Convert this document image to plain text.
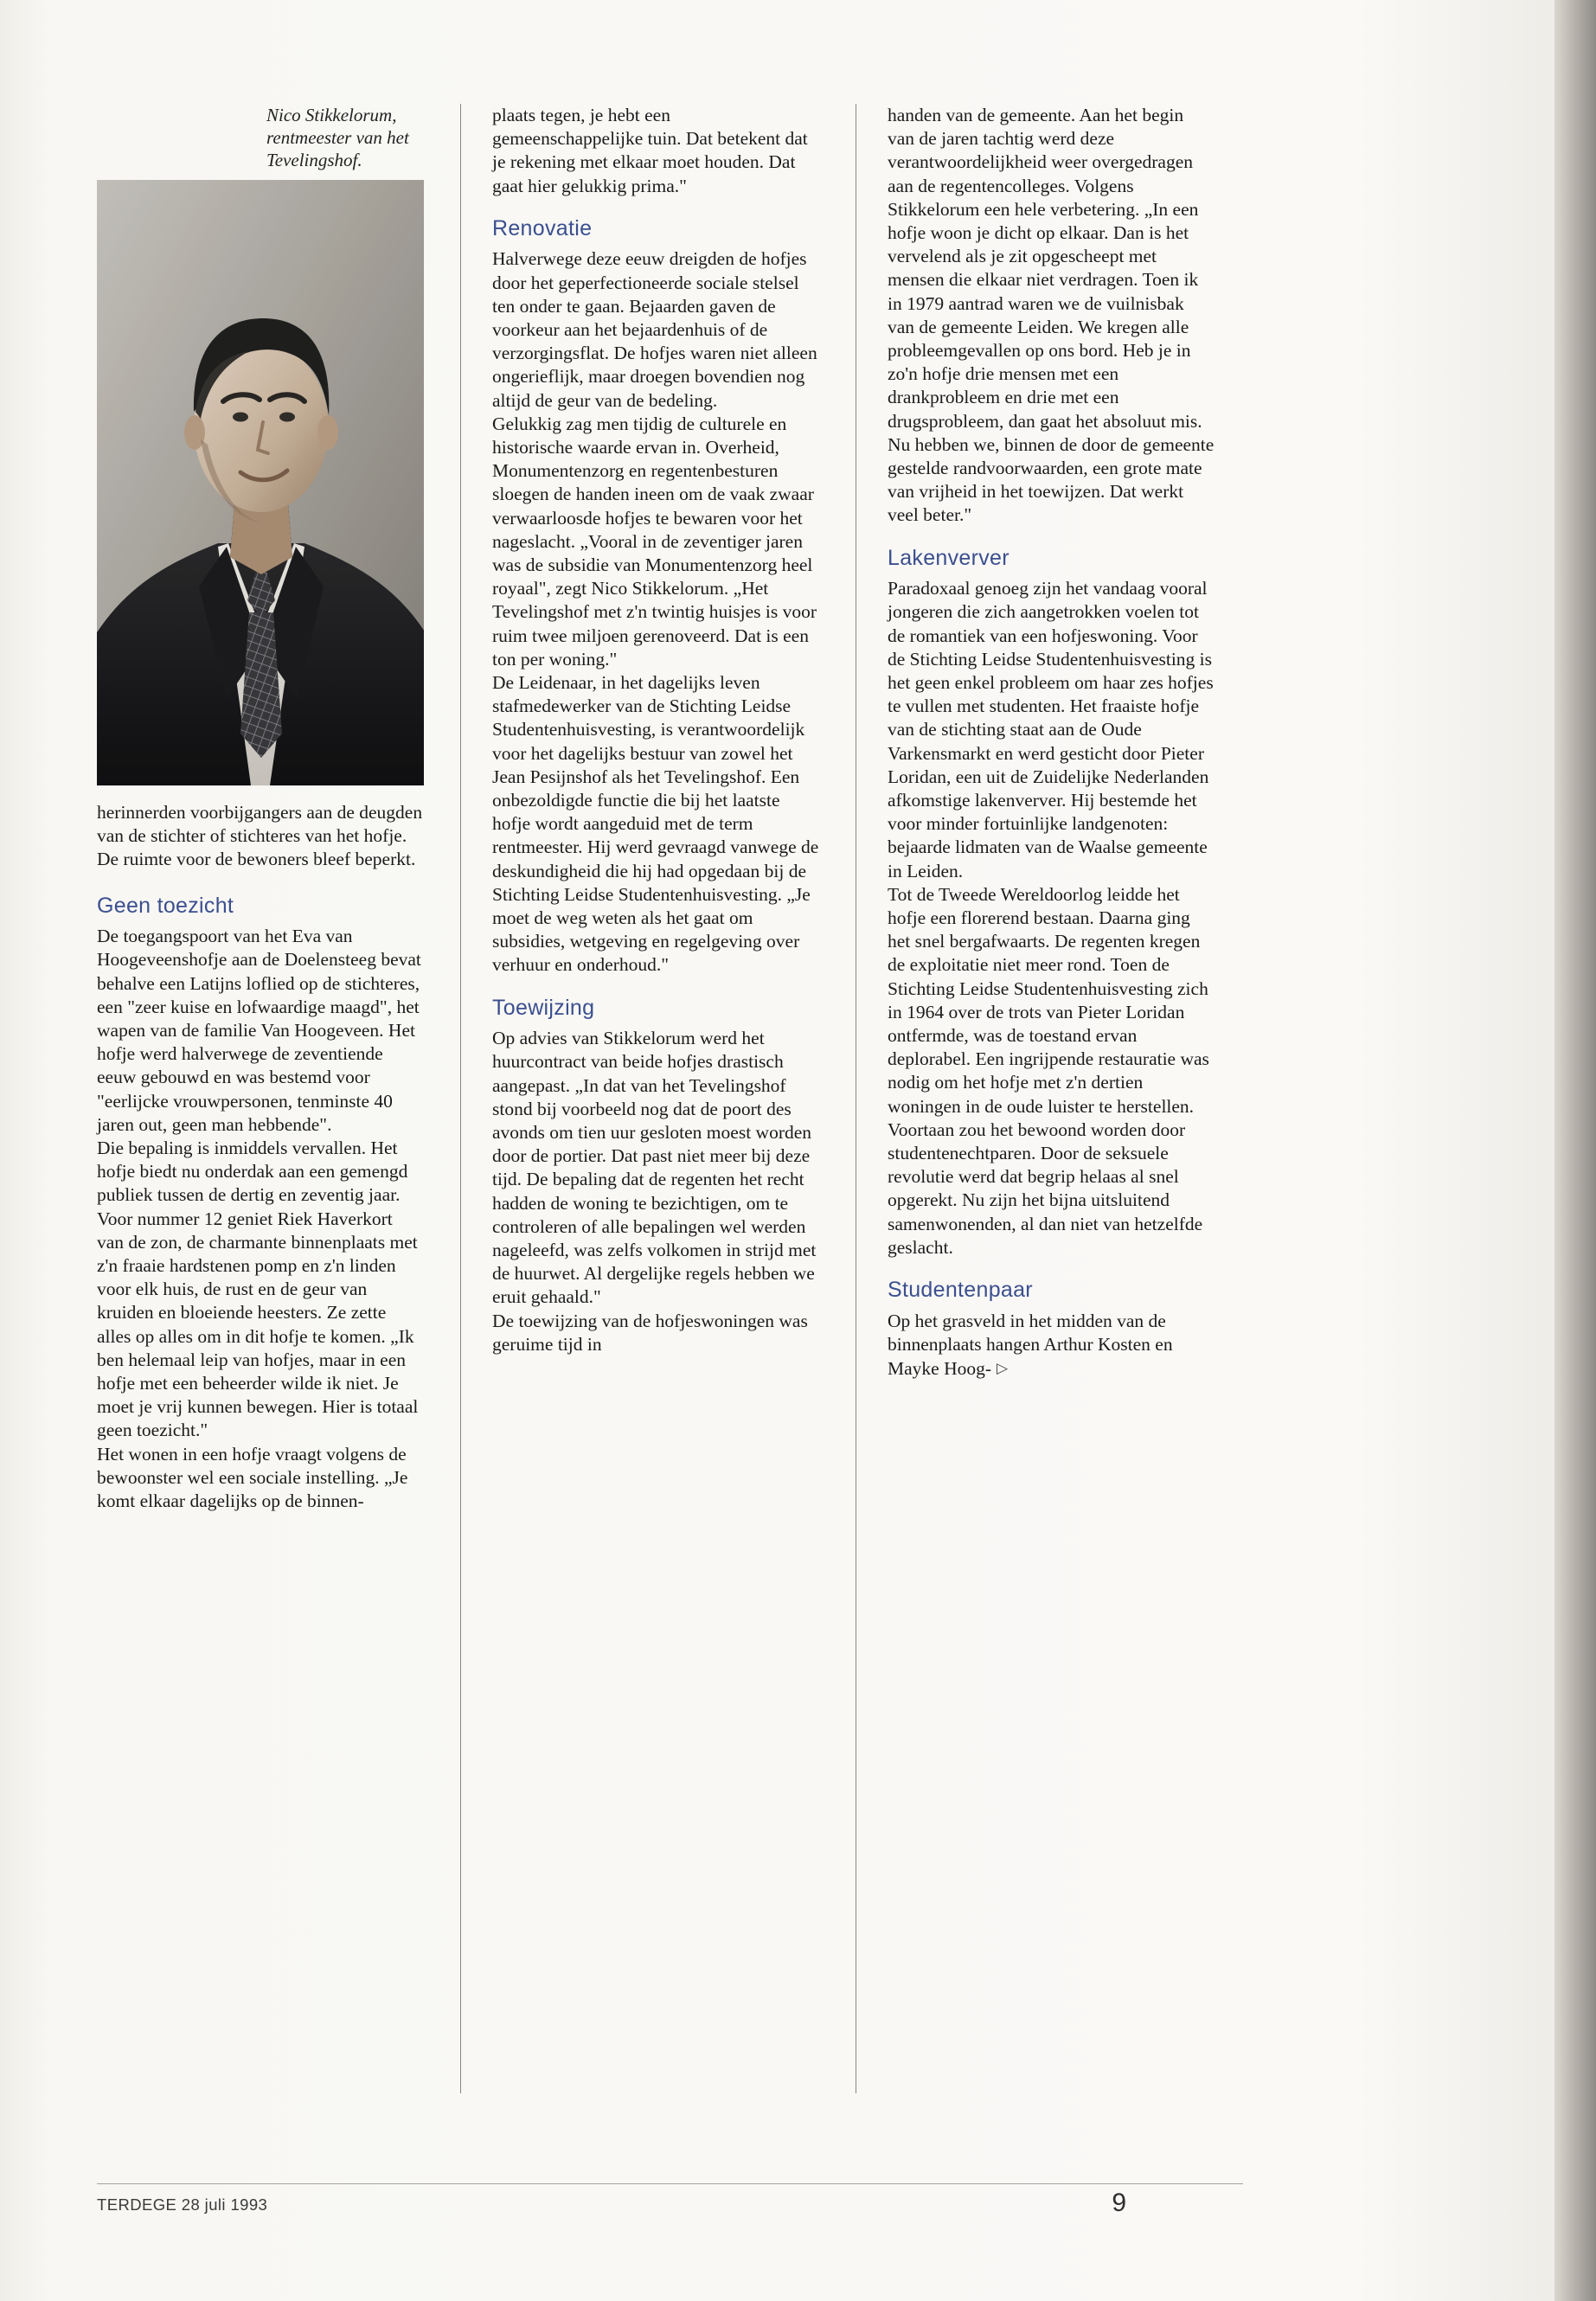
Nico Stikkelorum, rentmeester van het Tevelingshof.

herinnerden voorbijgangers aan de deugden van de stichter of stichteres van het hofje. De ruimte voor de bewoners bleef beperkt.

Geen toezicht

De toegangspoort van het Eva van Hoogeveenshofje aan de Doelensteeg bevat behalve een Latijns loflied op de stichteres, een "zeer kuise en lofwaardige maagd", het wapen van de familie Van Hoogeveen. Het hofje werd halverwege de zeventiende eeuw gebouwd en was bestemd voor "eerlijcke vrouwpersonen, tenminste 40 jaren out, geen man hebbende".

Die bepaling is inmiddels vervallen. Het hofje biedt nu onderdak aan een gemengd publiek tussen de dertig en zeventig jaar. Voor nummer 12 geniet Riek Haverkort van de zon, de charmante binnenplaats met z'n fraaie hardstenen pomp en z'n linden voor elk huis, de rust en de geur van kruiden en bloeiende heesters. Ze zette alles op alles om in dit hofje te komen. „Ik ben helemaal leip van hofjes, maar in een hofje met een beheerder wilde ik niet. Je moet je vrij kunnen bewegen. Hier is totaal geen toezicht."

Het wonen in een hofje vraagt volgens de bewoonster wel een sociale instelling. „Je komt elkaar dagelijks op de binnen-

plaats tegen, je hebt een gemeenschappelijke tuin. Dat betekent dat je rekening met elkaar moet houden. Dat gaat hier gelukkig prima."

Renovatie

Halverwege deze eeuw dreigden de hofjes door het geperfectioneerde sociale stelsel ten onder te gaan. Bejaarden gaven de voorkeur aan het bejaardenhuis of de verzorgingsflat. De hofjes waren niet alleen ongerieflijk, maar droegen bovendien nog altijd de geur van de bedeling.

Gelukkig zag men tijdig de culturele en historische waarde ervan in. Overheid, Monumentenzorg en regentenbesturen sloegen de handen ineen om de vaak zwaar verwaarloosde hofjes te bewaren voor het nageslacht. „Vooral in de zeventiger jaren was de subsidie van Monumentenzorg heel royaal", zegt Nico Stikkelorum. „Het Tevelingshof met z'n twintig huisjes is voor ruim twee miljoen gerenoveerd. Dat is een ton per woning."

De Leidenaar, in het dagelijks leven stafmedewerker van de Stichting Leidse Studentenhuisvesting, is verantwoordelijk voor het dagelijks bestuur van zowel het Jean Pesijnshof als het Tevelingshof. Een onbezoldigde functie die bij het laatste hofje wordt aangeduid met de term rentmeester. Hij werd gevraagd vanwege de deskundigheid die hij had opgedaan bij de Stichting Leidse Studentenhuisvesting. „Je moet de weg weten als het gaat om subsidies, wetgeving en regelgeving over verhuur en onderhoud."

Toewijzing

Op advies van Stikkelorum werd het huurcontract van beide hofjes drastisch aangepast. „In dat van het Tevelingshof stond bij voorbeeld nog dat de poort des avonds om tien uur gesloten moest worden door de portier. Dat past niet meer bij deze tijd. De bepaling dat de regenten het recht hadden de woning te bezichtigen, om te controleren of alle bepalingen wel werden nageleefd, was zelfs volkomen in strijd met de huurwet. Al dergelijke regels hebben we eruit gehaald."

De toewijzing van de hofjeswoningen was geruime tijd in

handen van de gemeente. Aan het begin van de jaren tachtig werd deze verantwoordelijkheid weer overgedragen aan de regentencolleges. Volgens Stikkelorum een hele verbetering. „In een hofje woon je dicht op elkaar. Dan is het vervelend als je zit opgescheept met mensen die elkaar niet verdragen. Toen ik in 1979 aantrad waren we de vuilnisbak van de gemeente Leiden. We kregen alle probleemgevallen op ons bord. Heb je in zo'n hofje drie mensen met een drankprobleem en drie met een drugsprobleem, dan gaat het absoluut mis. Nu hebben we, binnen de door de gemeente gestelde randvoorwaarden, een grote mate van vrijheid in het toewijzen. Dat werkt veel beter."

Lakenverver

Paradoxaal genoeg zijn het vandaag vooral jongeren die zich aangetrokken voelen tot de romantiek van een hofjeswoning. Voor de Stichting Leidse Studentenhuisvesting is het geen enkel probleem om haar zes hofjes te vullen met studenten. Het fraaiste hofje van de stichting staat aan de Oude Varkensmarkt en werd gesticht door Pieter Loridan, een uit de Zuidelijke Nederlanden afkomstige lakenverver. Hij bestemde het voor minder fortuinlijke landgenoten: bejaarde lidmaten van de Waalse gemeente in Leiden.

Tot de Tweede Wereldoorlog leidde het hofje een florerend bestaan. Daarna ging het snel bergafwaarts. De regenten kregen de exploitatie niet meer rond. Toen de Stichting Leidse Studentenhuisvesting zich in 1964 over de trots van Pieter Loridan ontfermde, was de toestand ervan deplorabel. Een ingrijpende restauratie was nodig om het hofje met z'n dertien woningen in de oude luister te herstellen. Voortaan zou het bewoond worden door studentenechtparen. Door de seksuele revolutie werd dat begrip helaas al snel opgerekt. Nu zijn het bijna uitsluitend samenwonenden, al dan niet van hetzelfde geslacht.

Studentenpaar

Op het grasveld in het midden van de binnenplaats hangen Arthur Kosten en Mayke Hoog- ▷

TERDEGE 28 juli 1993	9
